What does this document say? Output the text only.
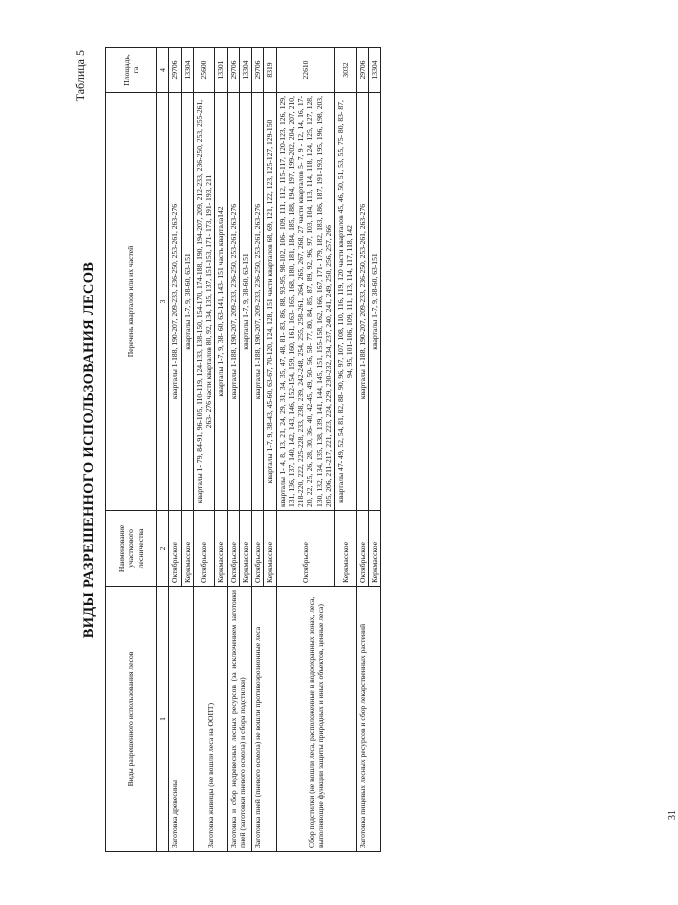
Таблица 5
ВИДЫ РАЗРЕШЕННОГО ИСПОЛЬЗОВАНИЯ ЛЕСОВ
Виды разрешенного использования лесов	Наименование участкового лесничества	Перечень кварталов или их частей	Площадь, га
1	2	3	4
Заготовка древесины	Октябрьское	кварталы 1-188, 190-207, 209-233, 236-250, 253-261, 263-276	29706
	Керкмасское	кварталы 1-7, 9, 38-60, 63-151	13304
Заготовка живицы (не вошли леса на ООПТ)	Октябрьское	кварталы 1- 79, 84-91, 96-105, 110-119, 124-133, 138-150, 154-170, 174-188, 190, 194-207, 209, 212-233, 236-250, 253, 255-261, 263- 276 части кварталов 80, 92, 134, 135, 137, 151-153, 171- 173, 191- 193, 211	25600
	Керкмасское	кварталы 1-7, 9, 38- 60, 63-141, 143- 151 часть квартала142	13301
Заготовка и сбор недревесных лесных ресурсов (за исключением заготовки пней (заготовки пневого осмола) и сбора подстилки)	Октябрьское	кварталы 1-188, 190-207, 209-233, 236-250, 253-261, 263-276	29706
	Керкмасское	кварталы 1-7, 9, 38-60, 63-151	13304
Заготовка пней (пневого осмола) не вошли противоэрозионные леса	Октябрьское	кварталы 1-188, 190-207, 209-233, 236-250, 253-261, 263-276	29706
	Керкмасское	кварталы 1-7, 9, 38-43, 45-60, 63-67, 70-120, 124, 128, 151 части кварталов 68, 69, 121, 122, 123, 125-127, 129-150	8319
Сбор подстилки (не вошли леса, расположенные в водоохранных зонах, леса, выполняющие функции защиты природных и иных объектов, ценные леса)	Октябрьское	кварталы 1- 4, 8, 13, 21, 24, 29, 31, 34, 35, 47, 48, 81- 83, 86, 88, 93-95, 98-102, 106- 109, 111, 112, 115-117, 120-123, 126, 129, 131, 136, 137, 140, 142, 143, 146, 152-154, 159, 160, 161, 163- 165, 168, 180, 181, 184, 185, 188, 194, 197, 199-202, 204, 207, 210, 218-220, 222, 225-228, 233, 238, 239, 242-248, 254, 255, 258-261, 264, 265, 267, 268, 27 части кварталов 5- 7, 9 - 12, 14, 16, 17-20, 22, 25, 26, 28, 30, 36- 40, 42-45, 49, 50- 56, 58- 77, 80, 84, 85, 87, 89, 92, 96, 97, 103, 104, 113, 114, 118, 124, 125, 127, 128, 130, 132, 134, 135, 138, 139, 141, 144, 145, 151, 155-158, 162, 166, 167, 171- 179, 182, 183, 186, 187, 191-193, 195, 196, 198, 203, 205, 206, 211-217, 221, 223, 224, 229, 230-232, 234, 237, 240, 241, 249, 250, 256, 257, 266	22610
	Керкмасское	кварталы 47- 49, 52, 54, 81, 82, 88- 90, 96, 97, 107, 108, 110, 116, 119, 120 части кварталов 45, 46, 50, 51, 53, 55, 75- 80, 83- 87, 94, 95, 101-106, 109, 111, 113, 114, 117, 118, 142	3032
Заготовка пищевых лесных ресурсов и сбор лекарственных растений	Октябрьское	кварталы 1-188, 190-207, 209-233, 236-250, 253-261, 263-276	29706
	Керкмасское	кварталы 1-7, 9, 38-60, 63-151	13304
31
